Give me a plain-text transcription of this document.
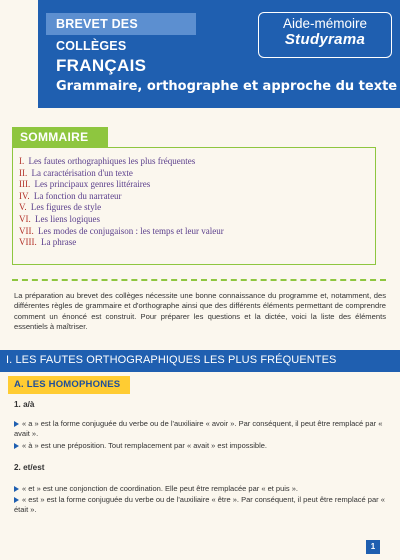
BREVET DES COLLÈGES
Aide-mémoire
Studyrama
FRANÇAIS
Grammaire, orthographe et approche du texte
SOMMAIRE
I. Les fautes orthographiques les plus fréquentes
II. La caractérisation d'un texte
III. Les principaux genres littéraires
IV. La fonction du narrateur
V. Les figures de style
VI. Les liens logiques
VII. Les modes de conjugaison : les temps et leur valeur
VIII. La phrase

La préparation au brevet des collèges nécessite une bonne connaissance du programme et, notamment, des différentes règles de grammaire et d'orthographe ainsi que des différents éléments permettant de comprendre comment un énoncé est construit. Pour préparer les questions et la dictée, voici la liste des éléments essentiels à maîtriser.

I. LES FAUTES ORTHOGRAPHIQUES LES PLUS FRÉQUENTES
A. LES HOMOPHONES
1. a/à

« a » est la forme conjuguée du verbe ou de l'auxiliaire « avoir ». Par conséquent, il peut être remplacé par « avait ».

« à » est une préposition. Tout remplacement par « avait » est impossible.

2. et/est

« et » est une conjonction de coordination. Elle peut être remplacée par « et puis ».

« est » est la forme conjuguée du verbe ou de l'auxiliaire « être ». Par conséquent, il peut être remplacé par « était ».

1
